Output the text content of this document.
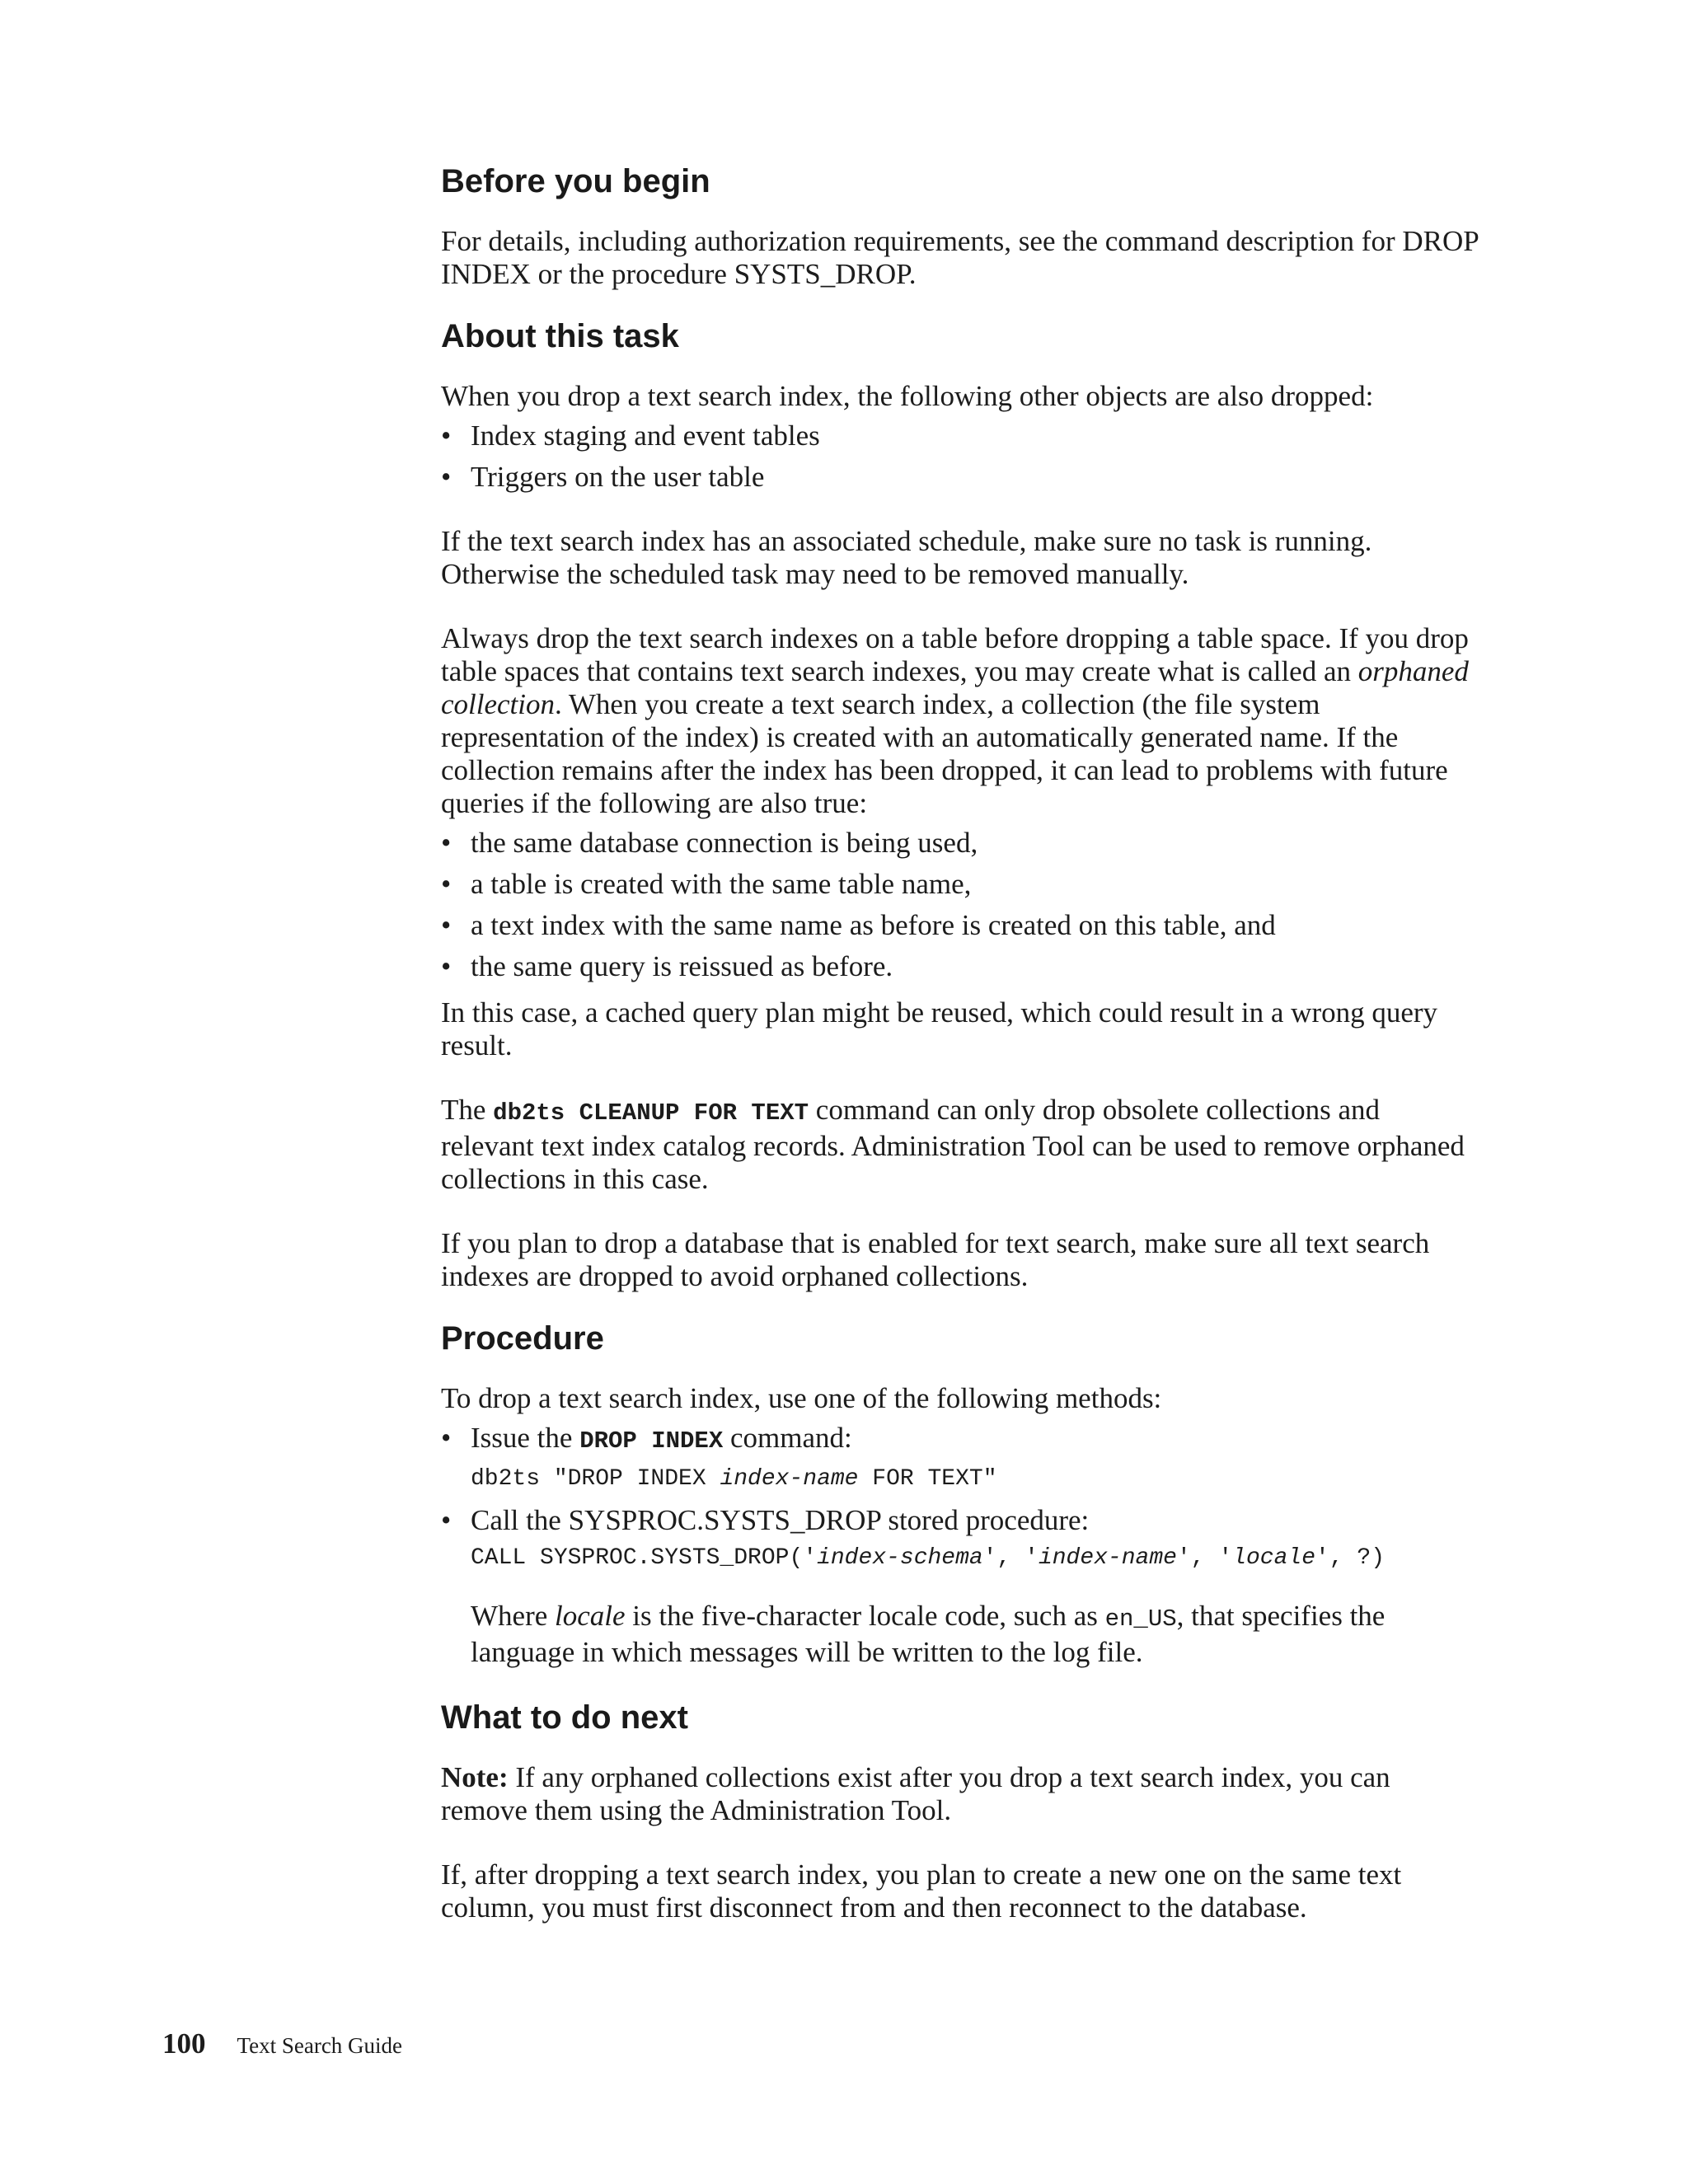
Before you begin

For details, including authorization requirements, see the command description for DROP INDEX or the procedure SYSTS_DROP.

About this task

When you drop a text search index, the following other objects are also dropped:

• Index staging and event tables
• Triggers on the user table

If the text search index has an associated schedule, make sure no task is running. Otherwise the scheduled task may need to be removed manually.

Always drop the text search indexes on a table before dropping a table space. If you drop table spaces that contains text search indexes, you may create what is called an orphaned collection. When you create a text search index, a collection (the file system representation of the index) is created with an automatically generated name. If the collection remains after the index has been dropped, it can lead to problems with future queries if the following are also true:

• the same database connection is being used,
• a table is created with the same table name,
• a text index with the same name as before is created on this table, and
• the same query is reissued as before.

In this case, a cached query plan might be reused, which could result in a wrong query result.

The db2ts CLEANUP FOR TEXT command can only drop obsolete collections and relevant text index catalog records. Administration Tool can be used to remove orphaned collections in this case.

If you plan to drop a database that is enabled for text search, make sure all text search indexes are dropped to avoid orphaned collections.

Procedure

To drop a text search index, use one of the following methods:

• Issue the DROP INDEX command:
db2ts "DROP INDEX index-name FOR TEXT"
• Call the SYSPROC.SYSTS_DROP stored procedure:
CALL SYSPROC.SYSTS_DROP('index-schema', 'index-name', 'locale', ?)
Where locale is the five-character locale code, such as en_US, that specifies the language in which messages will be written to the log file.
What to do next

Note: If any orphaned collections exist after you drop a text search index, you can remove them using the Administration Tool.

If, after dropping a text search index, you plan to create a new one on the same text column, you must first disconnect from and then reconnect to the database.

100 Text Search Guide
